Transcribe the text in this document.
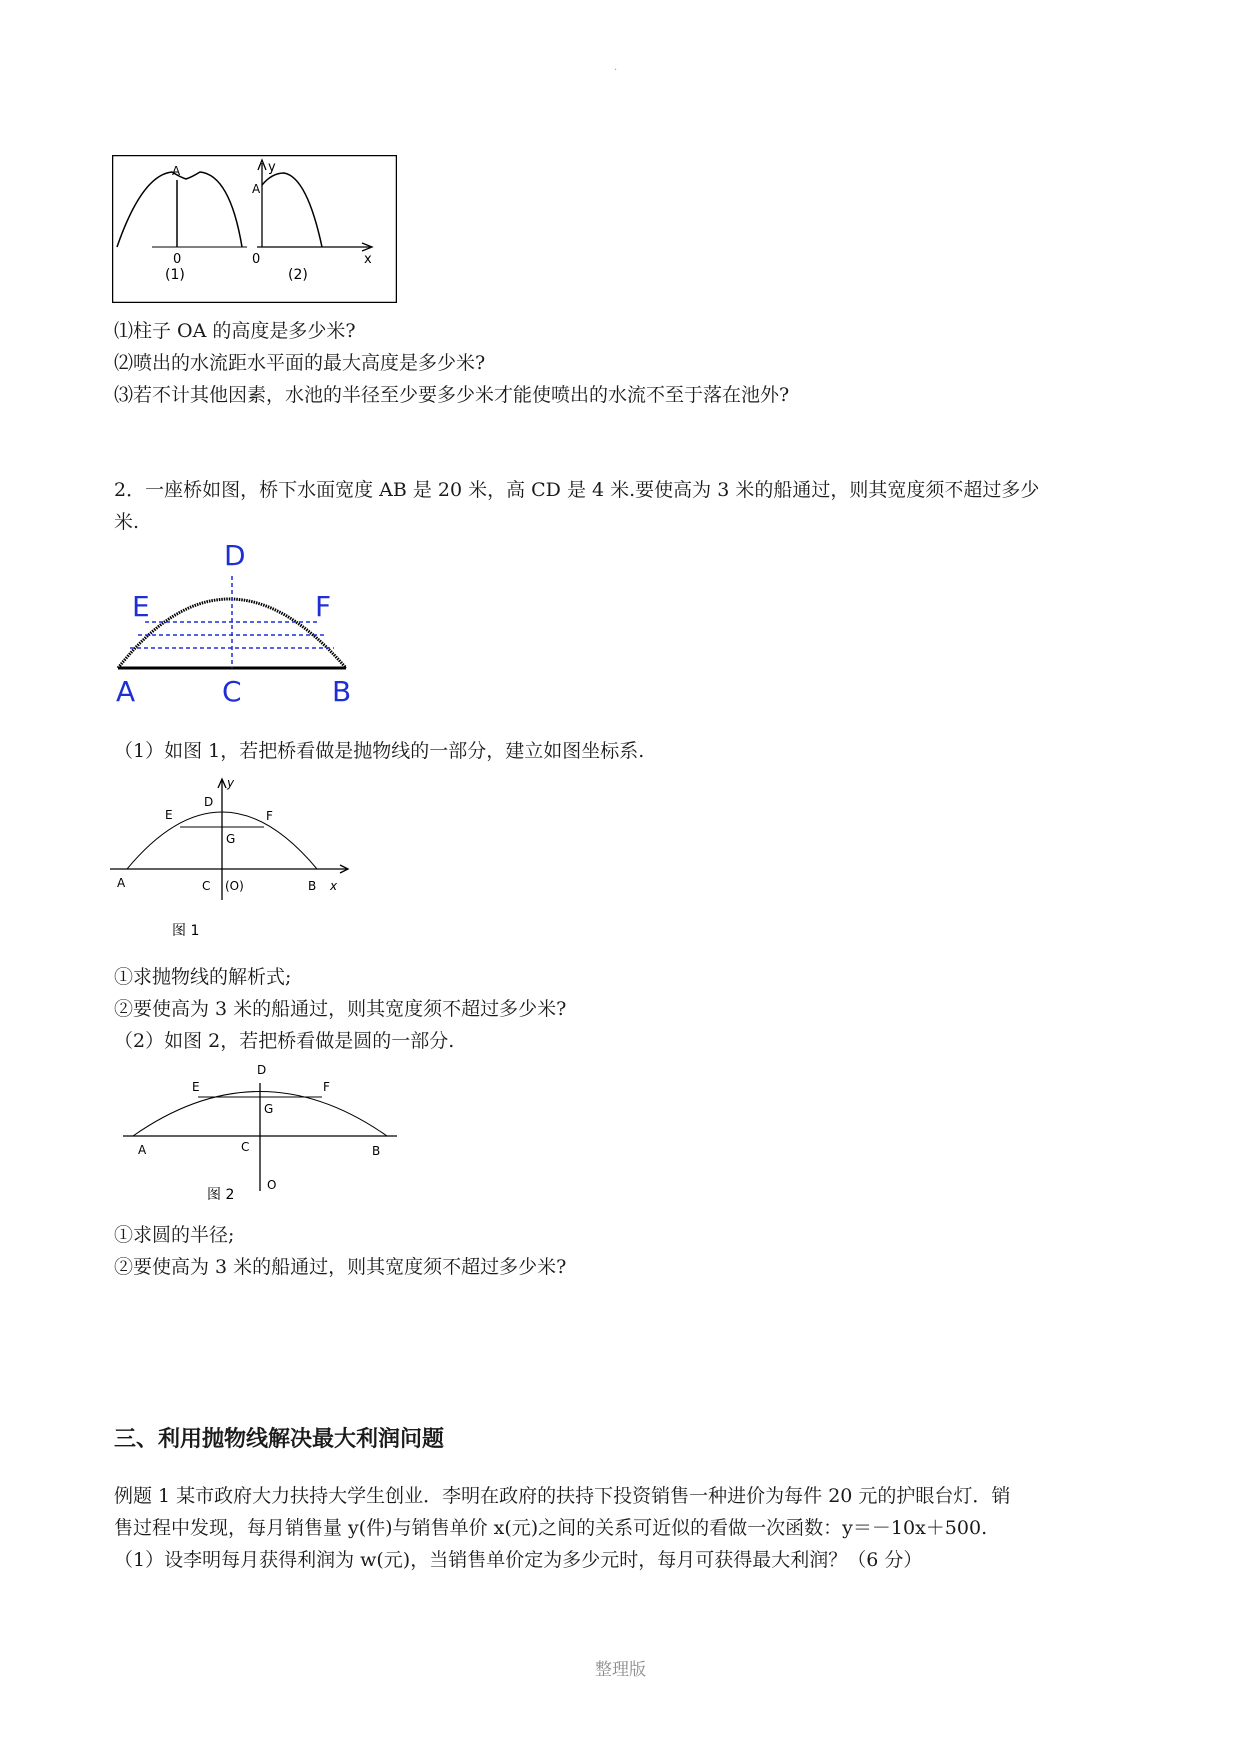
.
A
0
(1)
y
A
0	x
(2)
⑴柱子 OA 的高度是多少米?
⑵喷出的水流距水平面的最大高度是多少米?
⑶若不计其他因素，水池的半径至少要多少米才能使喷出的水流不至于落在池外?
2．一座桥如图，桥下水面宽度 AB 是 20 米，高 CD 是 4 米.要使高为 3 米的船通过，则其宽度须不超过多少
米.
D
E	F
A	C	B
（1）如图 1，若把桥看做是抛物线的一部分，建立如图坐标系.
y
D
E	F
G
A	C (O)	B x
图 1
①求抛物线的解析式;
②要使高为 3 米的船通过，则其宽度须不超过多少米?
（2）如图 2，若把桥看做是圆的一部分.
D
E	F
G
A	C	B
O
图 2
①求圆的半径;
②要使高为 3 米的船通过，则其宽度须不超过多少米?
三、利用抛物线解决最大利润问题
例题 1 某市政府大力扶持大学生创业．李明在政府的扶持下投资销售一种进价为每件 20 元的护眼台灯．销
售过程中发现，每月销售量 y(件)与销售单价 x(元)之间的关系可近似的看做一次函数：y＝－10x＋500.
（1）设李明每月获得利润为 w(元)，当销售单价定为多少元时，每月可获得最大利润？（6 分）
整理版
